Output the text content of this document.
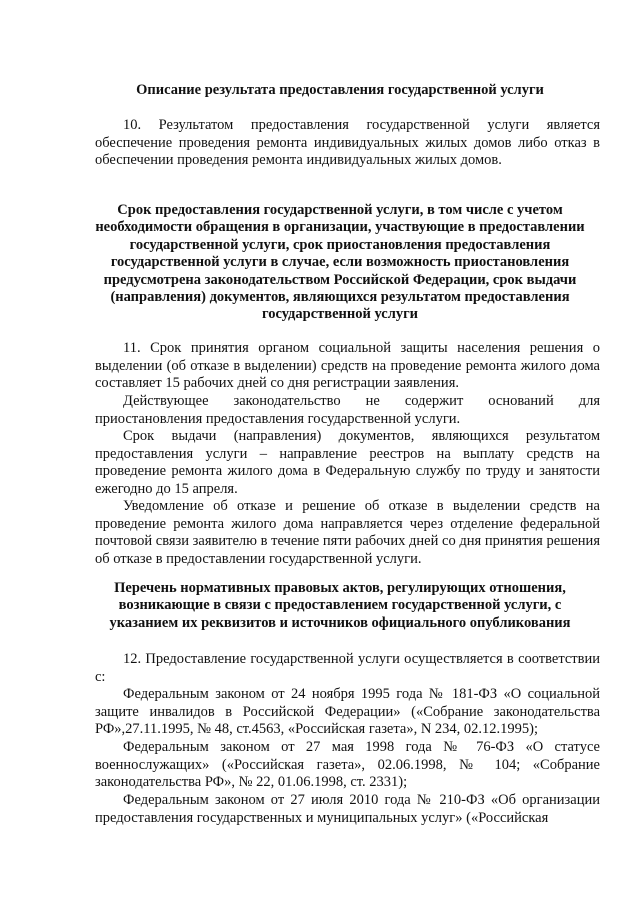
Описание результата предоставления государственной услуги

10. Результатом предоставления государственной услуги является обеспечение проведения ремонта индивидуальных жилых домов либо отказ в обеспечении проведения ремонта индивидуальных жилых домов.

Срок предоставления государственной услуги, в том числе с учетом необходимости обращения в организации, участвующие в предоставлении государственной услуги, срок приостановления предоставления государственной услуги в случае, если возможность приостановления предусмотрена законодательством Российской Федерации, срок выдачи (направления) документов, являющихся результатом предоставления государственной услуги

11. Срок принятия органом социальной защиты населения решения о выделении (об отказе в выделении) средств на проведение ремонта жилого дома составляет 15 рабочих дней со дня регистрации заявления.

Действующее законодательство не содержит оснований для приостановления предоставления государственной услуги.

Срок выдачи (направления) документов, являющихся результатом предоставления услуги – направление реестров на выплату средств на проведение ремонта жилого дома в Федеральную службу по труду и занятости ежегодно до 15 апреля.

Уведомление об отказе и решение об отказе в выделении средств на проведение ремонта жилого дома направляется через отделение федеральной почтовой связи заявителю в течение пяти рабочих дней со дня принятия решения об отказе в предоставлении государственной услуги.

Перечень нормативных правовых актов, регулирующих отношения, возникающие в связи с предоставлением государственной услуги, с указанием их реквизитов и источников официального опубликования

12. Предоставление государственной услуги осуществляется в соответствии с:

Федеральным законом от 24 ноября 1995 года № 181-ФЗ «О социальной защите инвалидов в Российской Федерации» («Собрание законодательства РФ»,27.11.1995, № 48, ст.4563, «Российская газета», N 234, 02.12.1995);

Федеральным законом от 27 мая 1998 года № 76-ФЗ «О статусе военнослужащих» («Российская газета», 02.06.1998, № 104; «Собрание законодательства РФ», № 22, 01.06.1998, ст. 2331);

Федеральным законом от 27 июля 2010 года № 210-ФЗ «Об организации предоставления государственных и муниципальных услуг» («Российская
